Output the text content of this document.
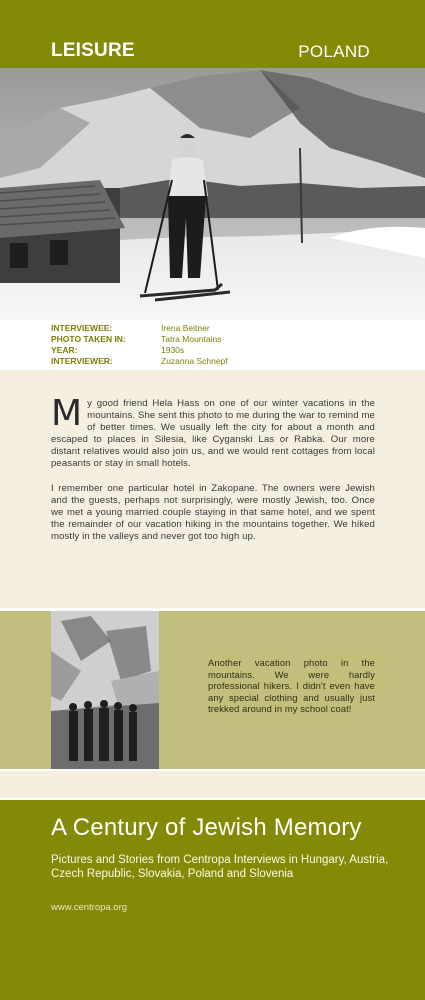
LEISURE	POLAND
INTERVIEWEE:	Irena Beitner
PHOTO TAKEN IN:	Tatra Mountains
YEAR:	1930s
INTERVIEWER:	Zuzanna Schnepf

My good friend Hela Hass on one of our winter vacations in the mountains. She sent this photo to me during the war to remind me of better times. We usually left the city for about a month and escaped to places in Silesia, like Cyganski Las or Rabka. Our more distant relatives would also join us, and we would rent cottages from local peasants or stay in small hotels.

I remember one particular hotel in Zakopane. The owners were Jewish and the guests, perhaps not surprisingly, were mostly Jewish, too. Once we met a young married couple staying in that same hotel, and we spent the remainder of our vacation hiking in the mountains together. We hiked mostly in the valleys and never got too high up.

Another vacation photo in the mountains. We were hardly professional hikers. I didn't even have any special clothing and usually just trekked around in my school coat!
A Century of Jewish Memory
Pictures and Stories from Centropa Interviews in Hungary, Austria, Czech Republic, Slovakia, Poland and Slovenia
www.centropa.org
